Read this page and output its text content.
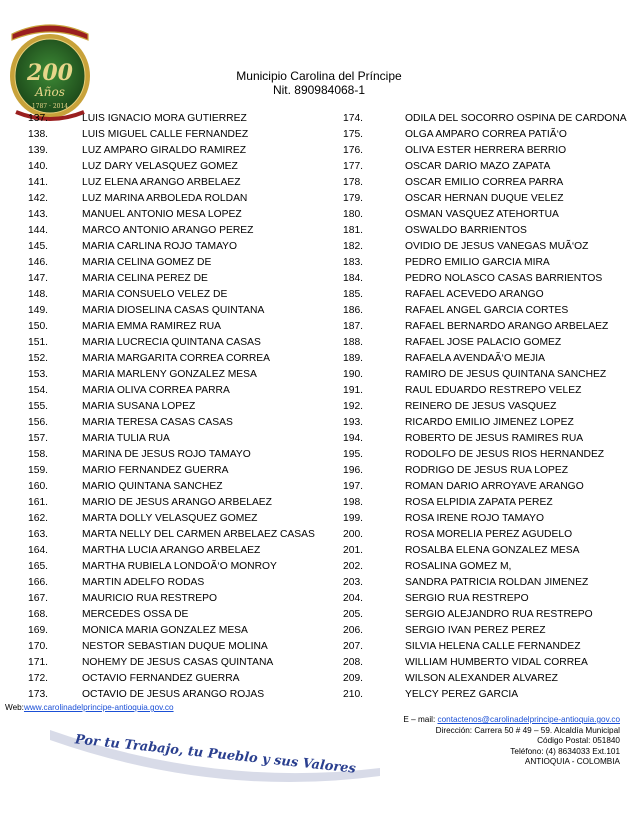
200
Años
1787 · 2014
Municipio Carolina del Príncipe
Nit. 890984068-1
137.	LUIS IGNACIO MORA GUTIERREZ
138.	LUIS MIGUEL CALLE FERNANDEZ
139.	LUZ AMPARO GIRALDO RAMIREZ
140.	LUZ DARY VELASQUEZ GOMEZ
141.	LUZ ELENA ARANGO ARBELAEZ
142.	LUZ MARINA ARBOLEDA ROLDAN
143.	MANUEL ANTONIO MESA LOPEZ
144.	MARCO ANTONIO ARANGO PEREZ
145.	MARIA CARLINA ROJO TAMAYO
146.	MARIA CELINA GOMEZ DE
147.	MARIA CELINA PEREZ DE
148.	MARIA CONSUELO VELEZ DE
149.	MARIA DIOSELINA CASAS QUINTANA
150.	MARIA EMMA RAMIREZ RUA
151.	MARIA LUCRECIA QUINTANA CASAS
152.	MARIA MARGARITA CORREA CORREA
153.	MARIA MARLENY GONZALEZ MESA
154.	MARIA OLIVA CORREA PARRA
155.	MARIA SUSANA LOPEZ
156.	MARIA TERESA CASAS CASAS
157.	MARIA TULIA RUA
158.	MARINA DE JESUS ROJO TAMAYO
159.	MARIO FERNANDEZ GUERRA
160.	MARIO QUINTANA SANCHEZ
161.	MARIO DE JESUS ARANGO ARBELAEZ
162.	MARTA DOLLY VELASQUEZ GOMEZ
163.	MARTA NELLY DEL CARMEN ARBELAEZ CASAS
164.	MARTHA LUCIA ARANGO ARBELAEZ
165.	MARTHA RUBIELA LONDOÃ‘O MONROY
166.	MARTIN ADELFO RODAS
167.	MAURICIO RUA RESTREPO
168.	MERCEDES OSSA DE
169.	MONICA MARIA GONZALEZ MESA
170.	NESTOR SEBASTIAN DUQUE MOLINA
171.	NOHEMY DE JESUS CASAS QUINTANA
172.	OCTAVIO FERNANDEZ GUERRA
173.	OCTAVIO DE JESUS ARANGO ROJAS
174.	ODILA DEL SOCORRO OSPINA DE CARDONA
175.	OLGA AMPARO CORREA PATIÃ‘O
176.	OLIVA ESTER HERRERA BERRIO
177.	OSCAR DARIO MAZO ZAPATA
178.	OSCAR EMILIO CORREA PARRA
179.	OSCAR HERNAN DUQUE VELEZ
180.	OSMAN VASQUEZ ATEHORTUA
181.	OSWALDO BARRIENTOS
182.	OVIDIO DE JESUS VANEGAS MUÃ‘OZ
183.	PEDRO EMILIO GARCIA MIRA
184.	PEDRO NOLASCO CASAS BARRIENTOS
185.	RAFAEL ACEVEDO ARANGO
186.	RAFAEL ANGEL GARCIA CORTES
187.	RAFAEL BERNARDO ARANGO ARBELAEZ
188.	RAFAEL JOSE PALACIO GOMEZ
189.	RAFAELA AVENDAÃ‘O MEJIA
190.	RAMIRO DE JESUS QUINTANA SANCHEZ
191.	RAUL EDUARDO RESTREPO VELEZ
192.	REINERO DE JESUS VASQUEZ
193.	RICARDO EMILIO JIMENEZ LOPEZ
194.	ROBERTO DE JESUS RAMIRES RUA
195.	RODOLFO DE JESUS RIOS HERNANDEZ
196.	RODRIGO DE JESUS RUA LOPEZ
197.	ROMAN DARIO ARROYAVE ARANGO
198.	ROSA ELPIDIA ZAPATA PEREZ
199.	ROSA IRENE ROJO TAMAYO
200.	ROSA MORELIA PEREZ AGUDELO
201.	ROSALBA ELENA GONZALEZ MESA
202.	ROSALINA GOMEZ M,
203.	SANDRA PATRICIA ROLDAN JIMENEZ
204.	SERGIO RUA RESTREPO
205.	SERGIO ALEJANDRO RUA RESTREPO
206.	SERGIO IVAN PEREZ PEREZ
207.	SILVIA HELENA CALLE FERNANDEZ
208.	WILLIAM HUMBERTO VIDAL CORREA
209.	WILSON ALEXANDER ALVAREZ
210.	YELCY PEREZ GARCIA
Web:www.carolinadelprincipe-antioquia.gov.co
E – mail: contactenos@carolinadelprincipe-antioquia.gov.co
Dirección: Carrera 50 # 49 – 59. Alcaldía Municipal
Código Postal: 051840
Teléfono: (4) 8634033 Ext.101
ANTIOQUIA - COLOMBIA
Por tu Trabajo, tu Pueblo y sus Valores
